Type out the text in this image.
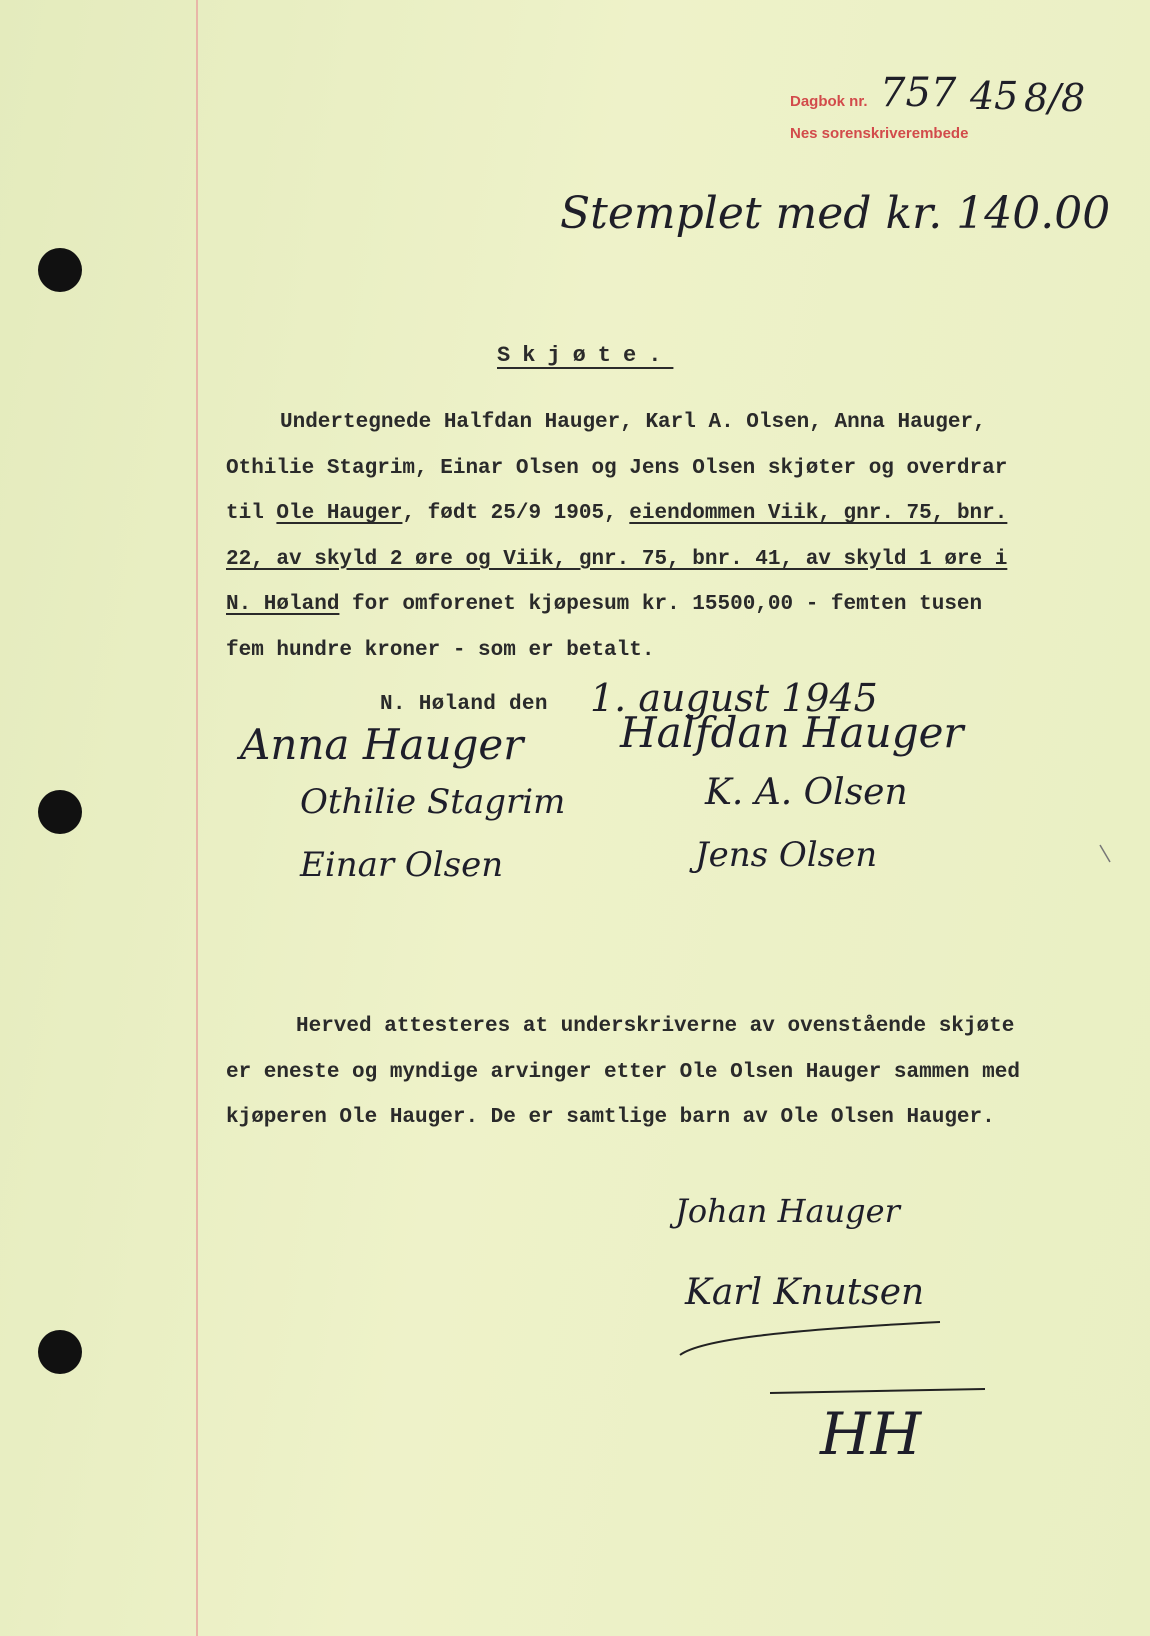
Dagbok nr.
Nes sorenskriverembede
757 45 8/8
Stemplet med kr. 140.00
Skjøte.
Undertegnede Halfdan Hauger, Karl A. Olsen, Anna Hauger,
Othilie Stagrim, Einar Olsen og Jens Olsen skjøter og overdrar
til Ole Hauger, født 25/9 1905, eiendommen Viik, gnr. 75, bnr.
22, av skyld 2 øre og Viik, gnr. 75, bnr. 41, av skyld 1 øre i
N. Høland for omforenet kjøpesum kr. 15500,00 - femten tusen
fem hundre kroner - som er betalt.
N. Høland den 1. august 1945
Anna Hauger Halfdan Hauger
Othilie Stagrim	K. A. Olsen
Einar Olsen	Jens Olsen
Herved attesteres at underskriverne av ovenstående skjøte
er eneste og myndige arvinger etter Ole Olsen Hauger sammen med
kjøperen Ole Hauger. De er samtlige barn av Ole Olsen Hauger.
Johan Hauger
Karl Knutsen
HH
